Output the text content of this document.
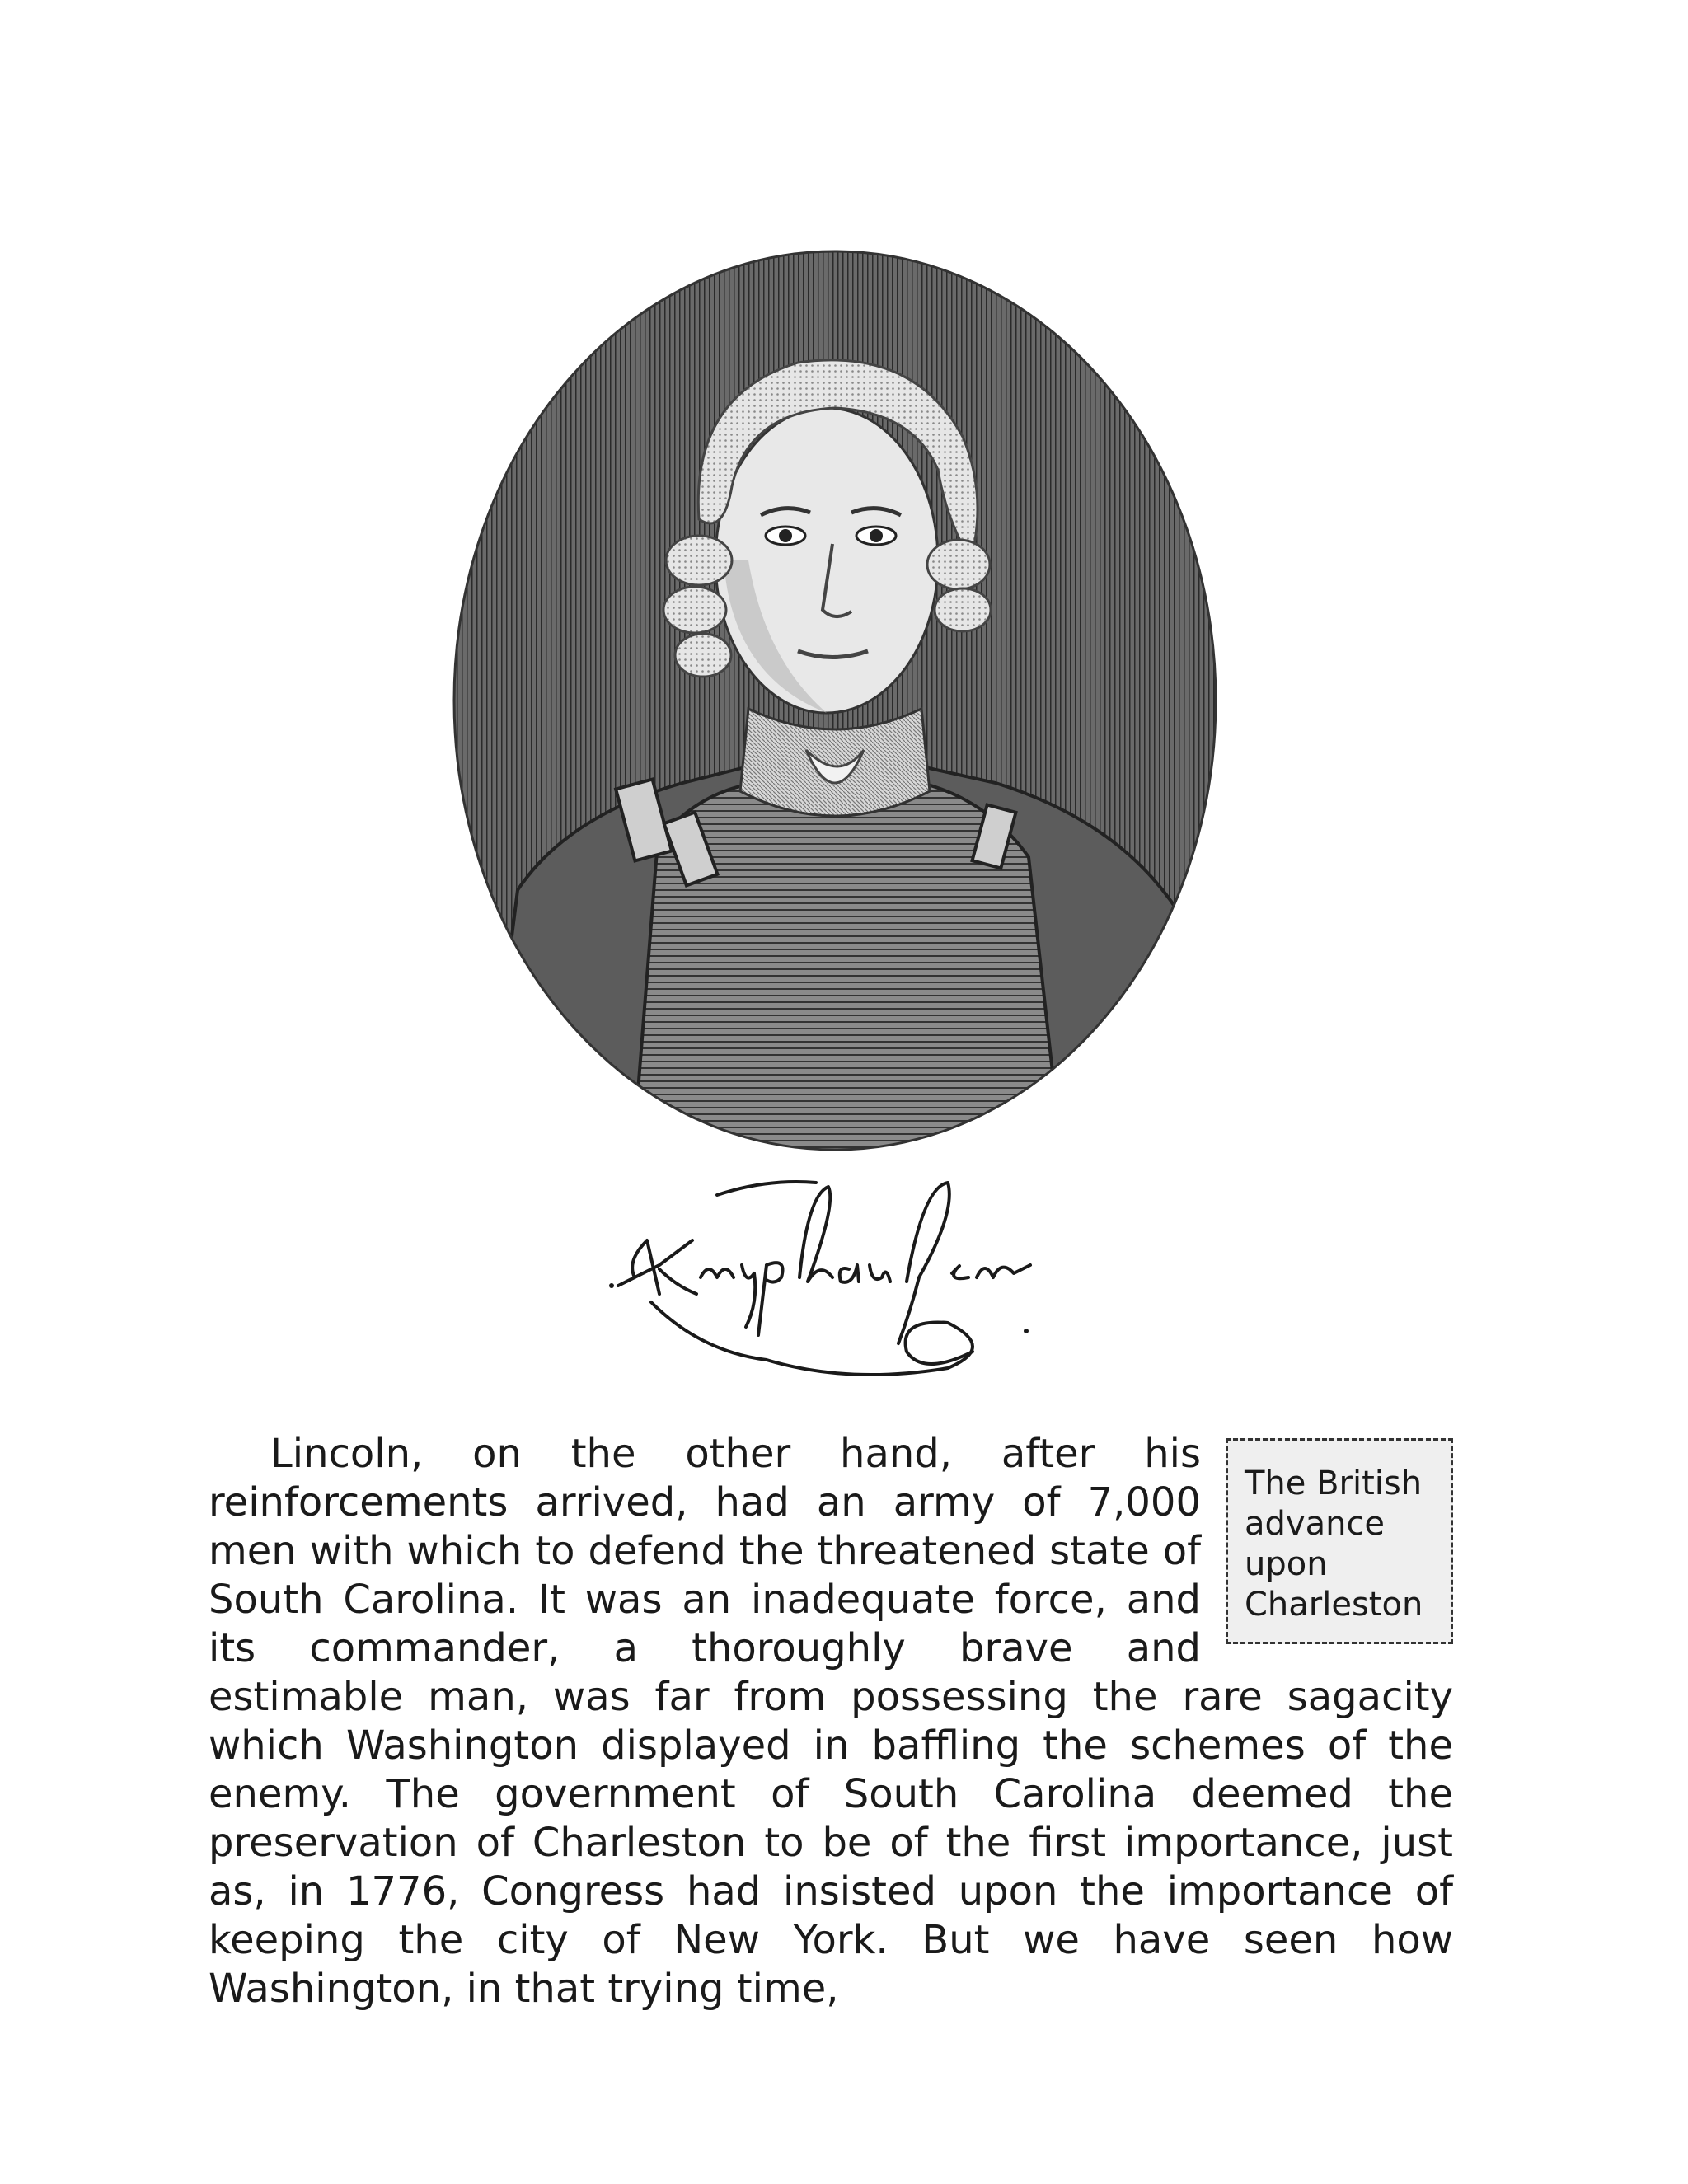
The British
advance
upon
Charleston

Lincoln, on the other hand, after his reinforcements arrived, had an army of 7,000 men with which to defend the threatened state of South Carolina. It was an inadequate force, and its commander, a thoroughly brave and estimable man, was far from possessing the rare sagacity which Washington displayed in baffling the schemes of the enemy. The government of South Carolina deemed the preservation of Charleston to be of the first importance, just as, in 1776, Congress had insisted upon the importance of keeping the city of New York. But we have seen how Washington, in that trying time,
